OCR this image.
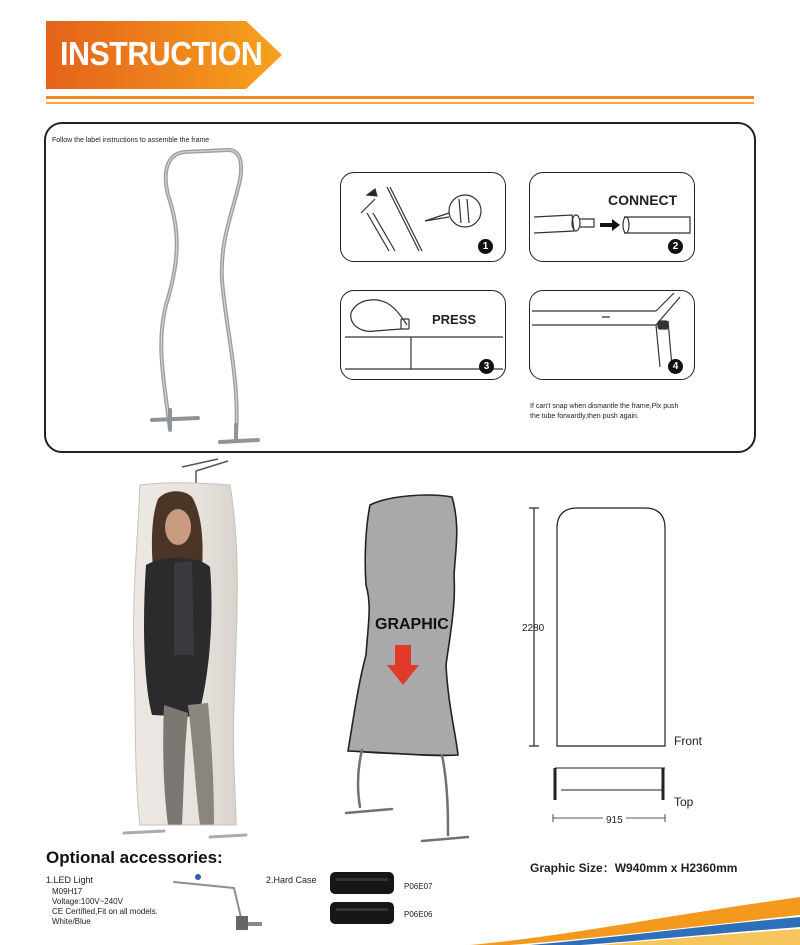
INSTRUCTION
Follow the label instructions to assemble the frame
1
CONNECT
2
PRESS
3	4
If can't snap when dismantle the frame,Plx push
the tube forwardly,then push again.
GRAPHIC	2280
Front
Top
915
Optional accessories:
1.LED Light
M09H17
Voltage:100V~240V
CE Certified,Fit on all models.
White/Blue
2.Hard Case
P06E07
P06E06
Graphic Size：W940mm x H2360mm
